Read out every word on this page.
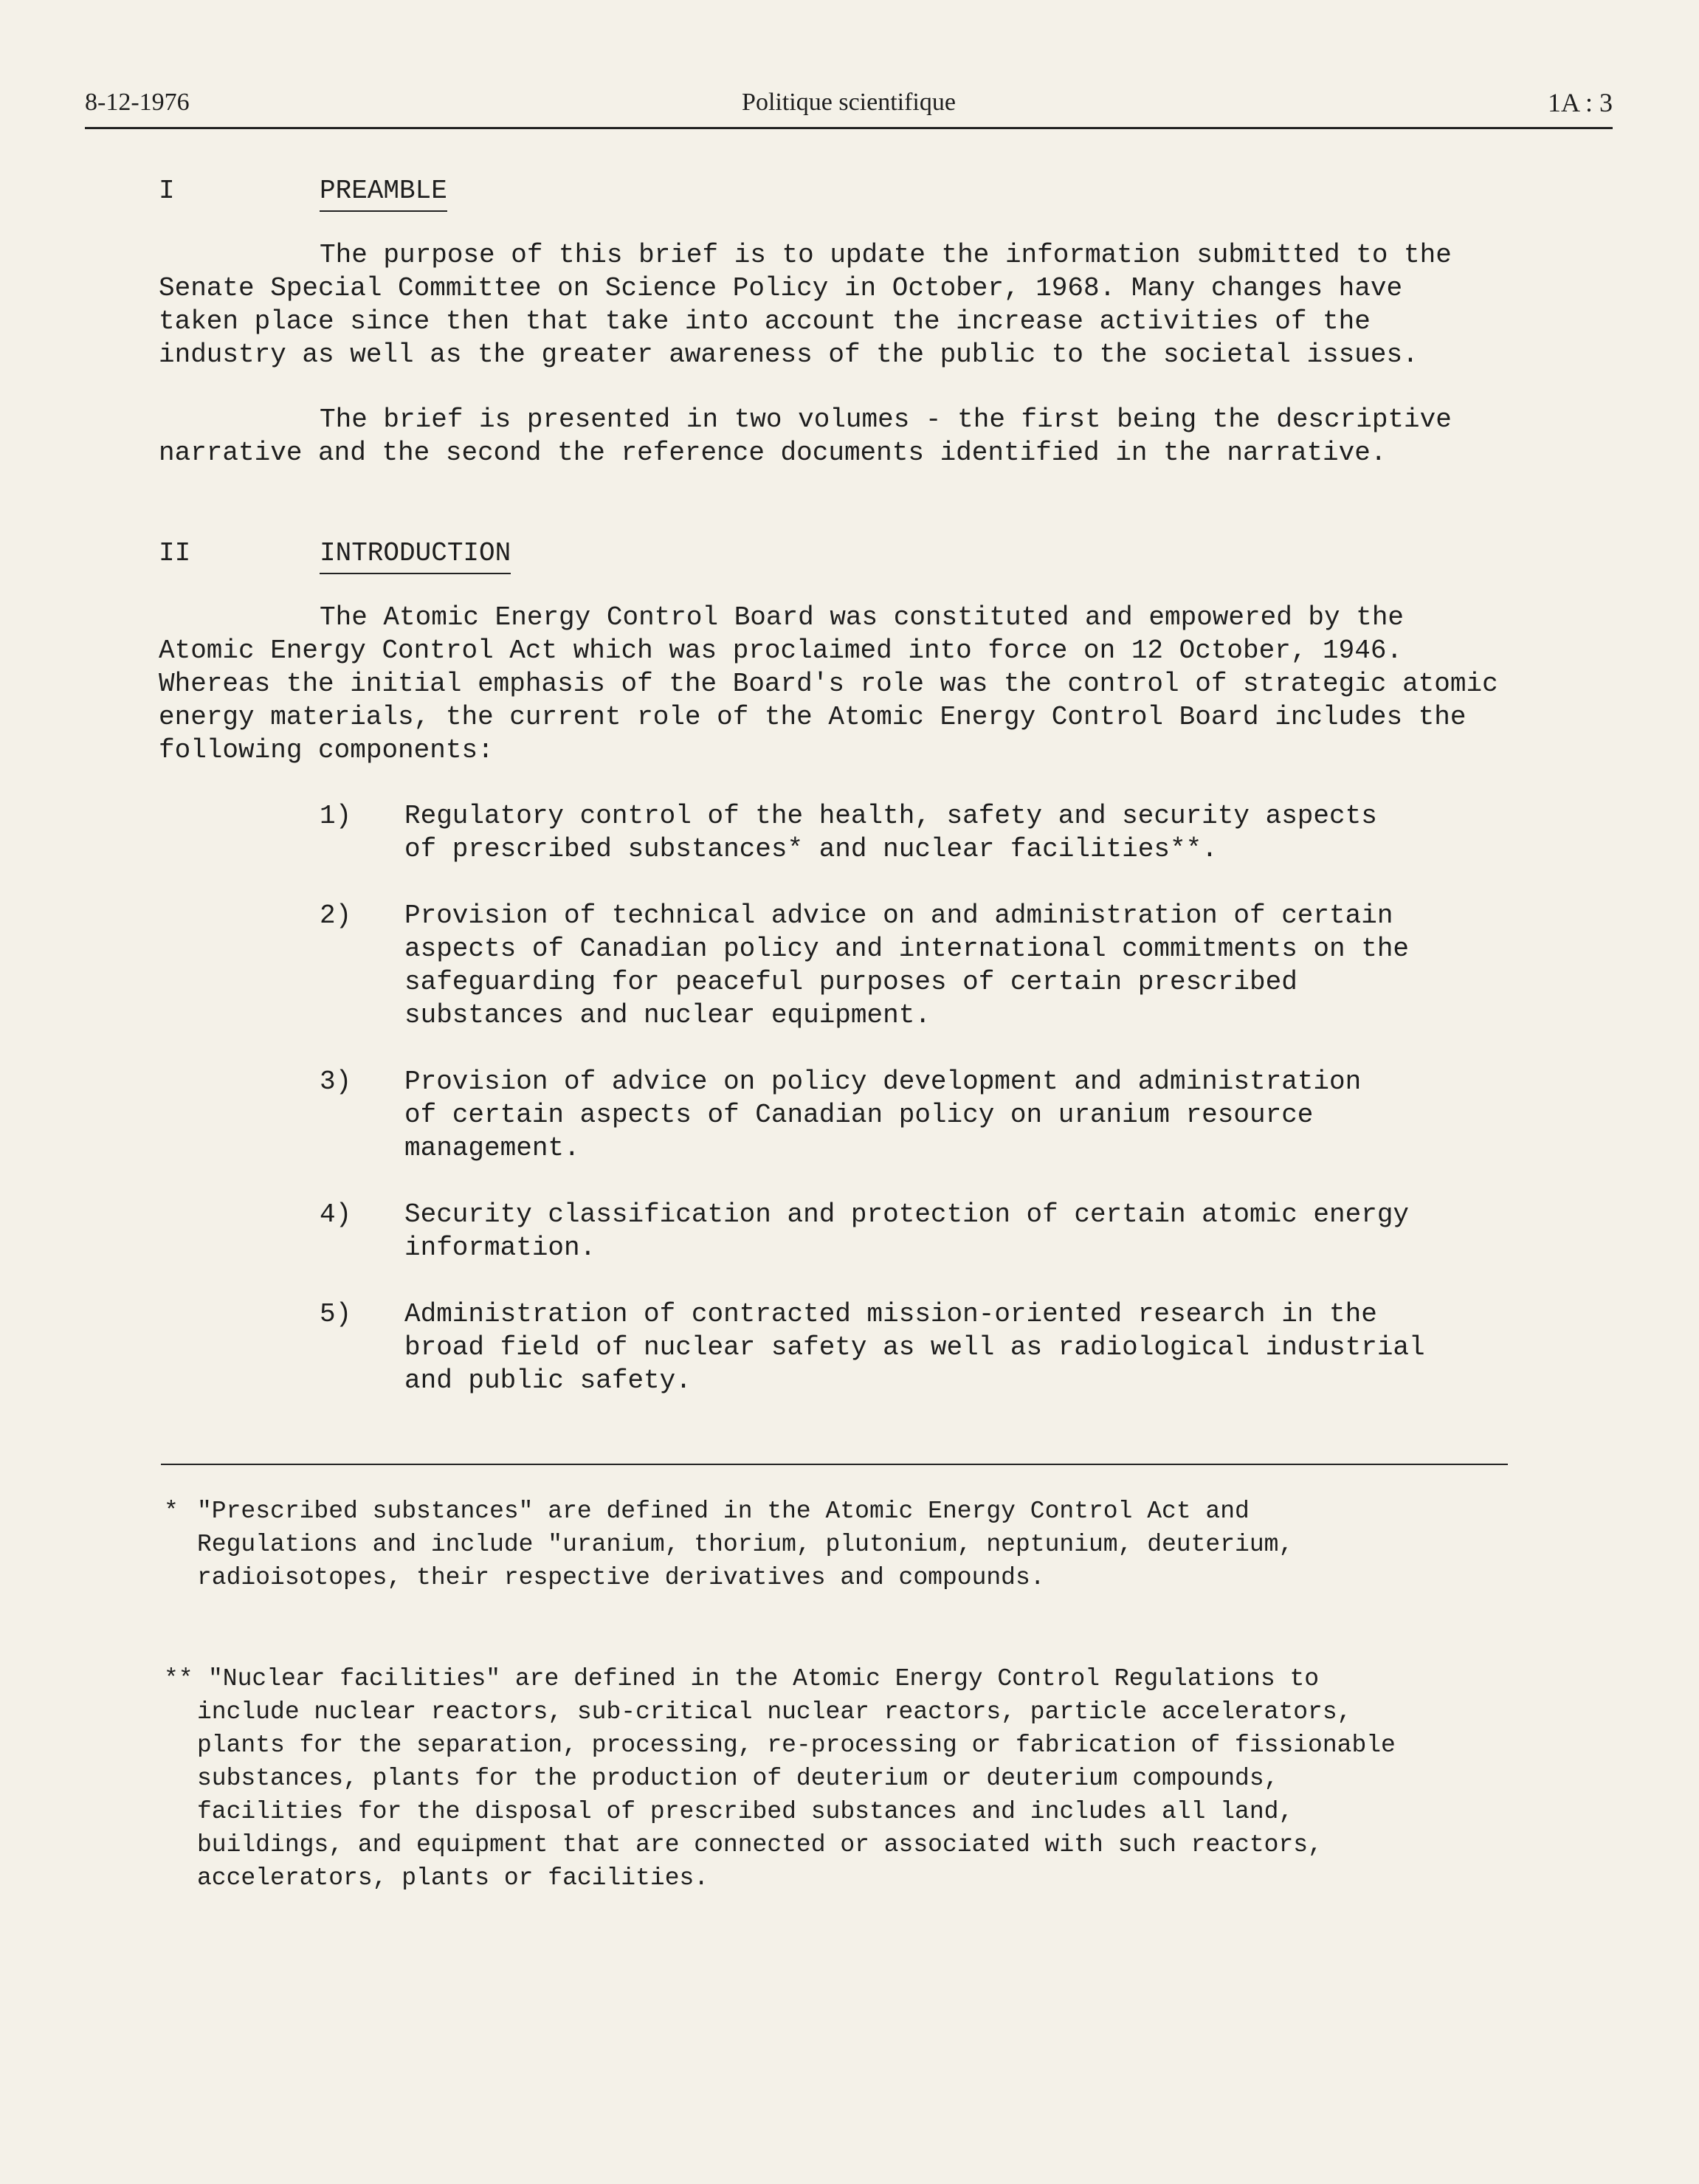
8-12-1976	Politique scientifique	1A : 3
I	PREAMBLE
The purpose of this brief is to update the information submitted to the
Senate Special Committee on Science Policy in October, 1968. Many changes have
taken place since then that take into account the increase activities of the
industry as well as the greater awareness of the public to the societal issues.
The brief is presented in two volumes - the first being the descriptive
narrative and the second the reference documents identified in the narrative.
II	INTRODUCTION
The Atomic Energy Control Board was constituted and empowered by the
Atomic Energy Control Act which was proclaimed into force on 12 October, 1946.
Whereas the initial emphasis of the Board's role was the control of strategic atomic
energy materials, the current role of the Atomic Energy Control Board includes the
following components:
1) Regulatory control of the health, safety and security aspects
of prescribed substances* and nuclear facilities**.
2) Provision of technical advice on and administration of certain
aspects of Canadian policy and international commitments on the
safeguarding for peaceful purposes of certain prescribed
substances and nuclear equipment.
3) Provision of advice on policy development and administration
of certain aspects of Canadian policy on uranium resource
management.
4) Security classification and protection of certain atomic energy
information.
5) Administration of contracted mission-oriented research in the
broad field of nuclear safety as well as radiological industrial
and public safety.
* "Prescribed substances" are defined in the Atomic Energy Control Act and
Regulations and include "uranium, thorium, plutonium, neptunium, deuterium,
radioisotopes, their respective derivatives and compounds.
** "Nuclear facilities" are defined in the Atomic Energy Control Regulations to
include nuclear reactors, sub-critical nuclear reactors, particle accelerators,
plants for the separation, processing, re-processing or fabrication of fissionable
substances, plants for the production of deuterium or deuterium compounds,
facilities for the disposal of prescribed substances and includes all land,
buildings, and equipment that are connected or associated with such reactors,
accelerators, plants or facilities.
